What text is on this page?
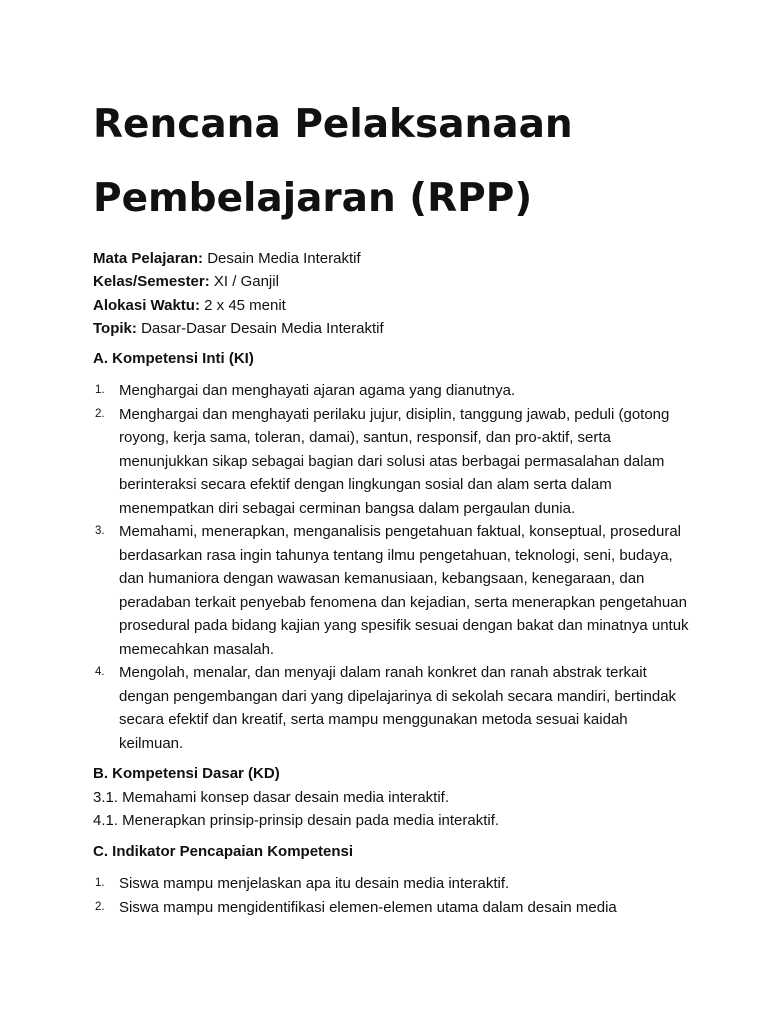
Rencana Pelaksanaan Pembelajaran (RPP)
Mata Pelajaran: Desain Media Interaktif
Kelas/Semester: XI / Ganjil
Alokasi Waktu: 2 x 45 menit
Topik: Dasar-Dasar Desain Media Interaktif
A. Kompetensi Inti (KI)
1. Menghargai dan menghayati ajaran agama yang dianutnya.
2. Menghargai dan menghayati perilaku jujur, disiplin, tanggung jawab, peduli (gotong royong, kerja sama, toleran, damai), santun, responsif, dan pro-aktif, serta menunjukkan sikap sebagai bagian dari solusi atas berbagai permasalahan dalam berinteraksi secara efektif dengan lingkungan sosial dan alam serta dalam menempatkan diri sebagai cerminan bangsa dalam pergaulan dunia.
3. Memahami, menerapkan, menganalisis pengetahuan faktual, konseptual, prosedural berdasarkan rasa ingin tahunya tentang ilmu pengetahuan, teknologi, seni, budaya, dan humaniora dengan wawasan kemanusiaan, kebangsaan, kenegaraan, dan peradaban terkait penyebab fenomena dan kejadian, serta menerapkan pengetahuan prosedural pada bidang kajian yang spesifik sesuai dengan bakat dan minatnya untuk memecahkan masalah.
4. Mengolah, menalar, dan menyaji dalam ranah konkret dan ranah abstrak terkait dengan pengembangan dari yang dipelajarinya di sekolah secara mandiri, bertindak secara efektif dan kreatif, serta mampu menggunakan metoda sesuai kaidah keilmuan.
B. Kompetensi Dasar (KD)
3.1. Memahami konsep dasar desain media interaktif.
4.1. Menerapkan prinsip-prinsip desain pada media interaktif.
C. Indikator Pencapaian Kompetensi
1. Siswa mampu menjelaskan apa itu desain media interaktif.
2. Siswa mampu mengidentifikasi elemen-elemen utama dalam desain media
